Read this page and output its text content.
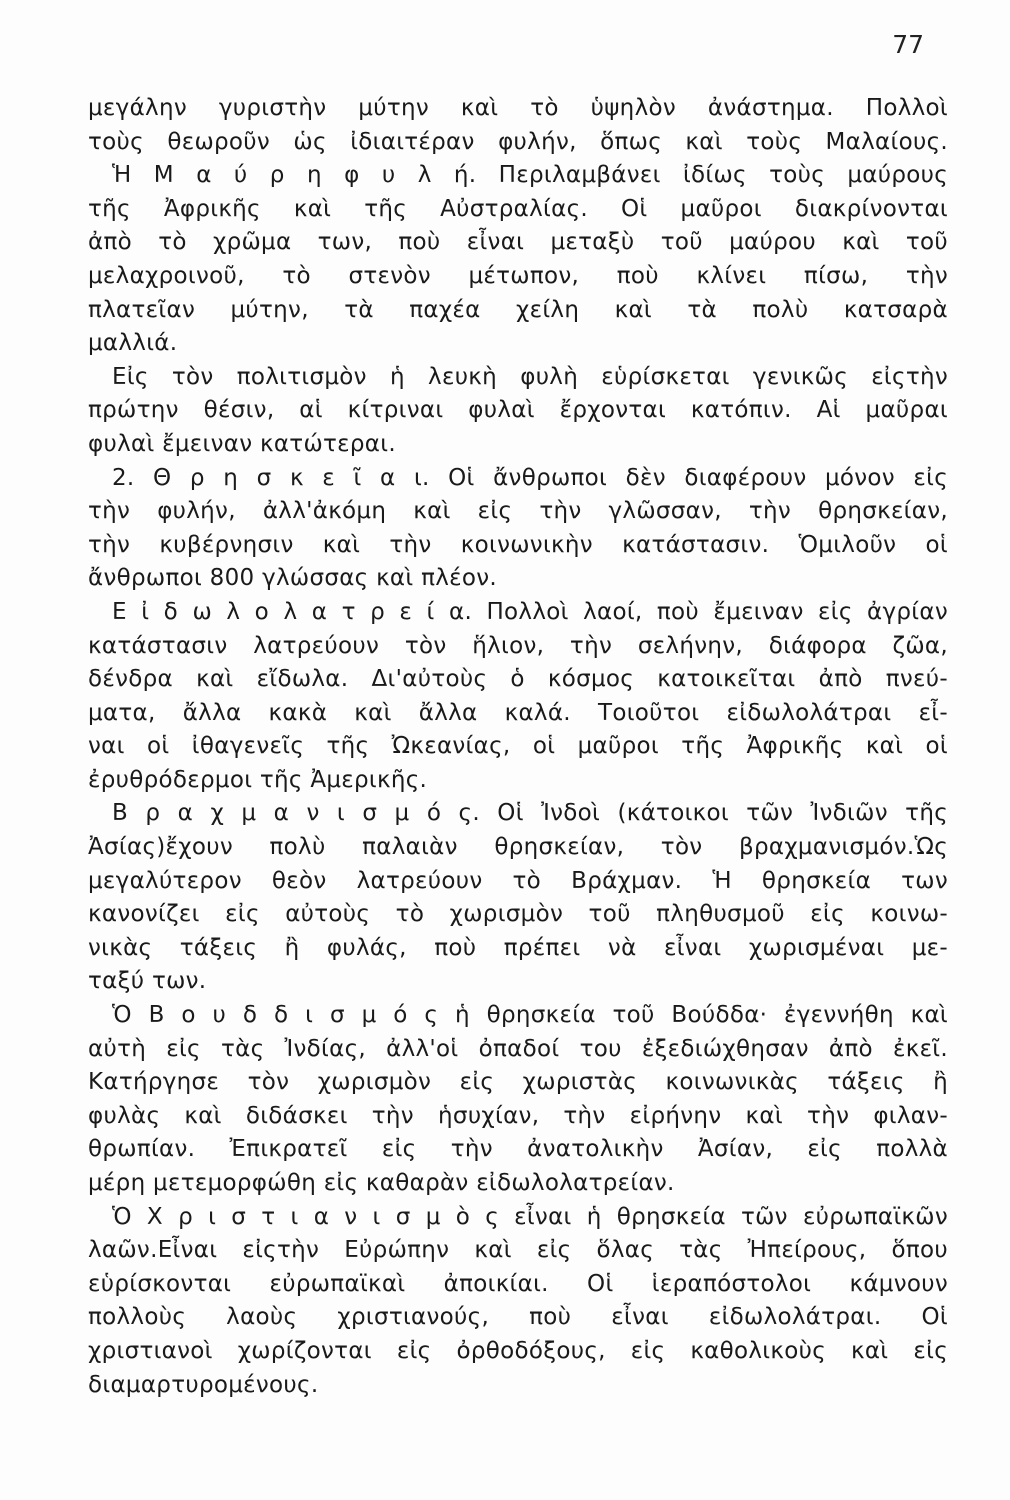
77
μεγάλην γυριστὴν μύτην καὶ τὸ ὑψηλὸν ἀνάστημα. Πολλοὶ
τοὺς θεωροῦν ὡς ἰδιαιτέραν φυλήν, ὅπως καὶ τοὺς Μαλαίους.
Ἡ Μ α ύ ρ η φ υ λ ή. Περιλαμβάνει ἰδίως τοὺς μαύρους
τῆς Ἀφρικῆς καὶ τῆς Αὐστραλίας. Οἱ μαῦροι διακρίνονται
ἀπὸ τὸ χρῶμα των, ποὺ εἶναι μεταξὺ τοῦ μαύρου καὶ τοῦ
μελαχροινοῦ, τὸ στενὸν μέτωπον, ποὺ κλίνει πίσω, τὴν
πλατεῖαν μύτην, τὰ παχέα χείλη καὶ τὰ πολὺ κατσαρὰ
μαλλιά.
Εἰς τὸν πολιτισμὸν ἡ λευκὴ φυλὴ εὑρίσκεται γενικῶς εἰςτὴν
πρώτην θέσιν, αἱ κίτριναι φυλαὶ ἔρχονται κατόπιν. Αἱ μαῦραι
φυλαὶ ἔμειναν κατώτεραι.
2. Θ ρ η σ κ ε ῖ α ι. Οἱ ἄνθρωποι δὲν διαφέρουν μόνον εἰς
τὴν φυλήν, ἀλλ'ἀκόμη καὶ εἰς τὴν γλῶσσαν, τὴν θρησκείαν,
τὴν κυβέρνησιν καὶ τὴν κοινωνικὴν κατάστασιν. Ὁμιλοῦν οἱ
ἄνθρωποι 800 γλώσσας καὶ πλέον.
Ε ἰ δ ω λ ο λ α τ ρ ε ί α. Πολλοὶ λαοί, ποὺ ἔμειναν εἰς ἀγρίαν
κατάστασιν λατρεύουν τὸν ἥλιον, τὴν σελήνην, διάφορα ζῶα,
δένδρα καὶ εἴδωλα. Δι'αὐτοὺς ὁ κόσμος κατοικεῖται ἀπὸ πνεύ-
ματα, ἄλλα κακὰ καὶ ἄλλα καλά. Τοιοῦτοι εἰδωλολάτραι εἶ-
ναι οἱ ἰθαγενεῖς τῆς Ὠκεανίας, οἱ μαῦροι τῆς Ἀφρικῆς καὶ οἱ
ἐρυθρόδερμοι τῆς Ἀμερικῆς.
Β ρ α χ μ α ν ι σ μ ό ς. Οἱ Ἰνδοὶ (κάτοικοι τῶν Ἰνδιῶν τῆς
Ἀσίας)ἔχουν πολὺ παλαιὰν θρησκείαν, τὸν βραχμανισμόν.Ὡς
μεγαλύτερον θεὸν λατρεύουν τὸ Βράχμαν. Ἡ θρησκεία των
κανονίζει εἰς αὐτοὺς τὸ χωρισμὸν τοῦ πληθυσμοῦ εἰς κοινω-
νικὰς τάξεις ἢ φυλάς, ποὺ πρέπει νὰ εἶναι χωρισμέναι με-
ταξύ των.
Ὁ Β ο υ δ δ ι σ μ ό ς ἡ θρησκεία τοῦ Βούδδα· ἐγεννήθη καὶ
αὐτὴ εἰς τὰς Ἰνδίας, ἀλλ'οἱ ὀπαδοί του ἐξεδιώχθησαν ἀπὸ ἐκεῖ.
Κατήργησε τὸν χωρισμὸν εἰς χωριστὰς κοινωνικὰς τάξεις ἢ
φυλὰς καὶ διδάσκει τὴν ἡσυχίαν, τὴν εἰρήνην καὶ τὴν φιλαν-
θρωπίαν. Ἐπικρατεῖ εἰς τὴν ἀνατολικὴν Ἀσίαν, εἰς πολλὰ
μέρη μετεμορφώθη εἰς καθαρὰν εἰδωλολατρείαν.
Ὁ Χ ρ ι σ τ ι α ν ι σ μ ὸ ς εἶναι ἡ θρησκεία τῶν εὐρωπαϊκῶν
λαῶν.Εἶναι εἰςτὴν Εὐρώπην καὶ εἰς ὅλας τὰς Ἠπείρους, ὅπου
εὑρίσκονται εὐρωπαϊκαὶ ἀποικίαι. Οἱ ἱεραπόστολοι κάμνουν
πολλοὺς λαοὺς χριστιανούς, ποὺ εἶναι εἰδωλολάτραι. Οἱ
χριστιανοὶ χωρίζονται εἰς ὀρθοδόξους, εἰς καθολικοὺς καὶ εἰς
διαμαρτυρομένους.
